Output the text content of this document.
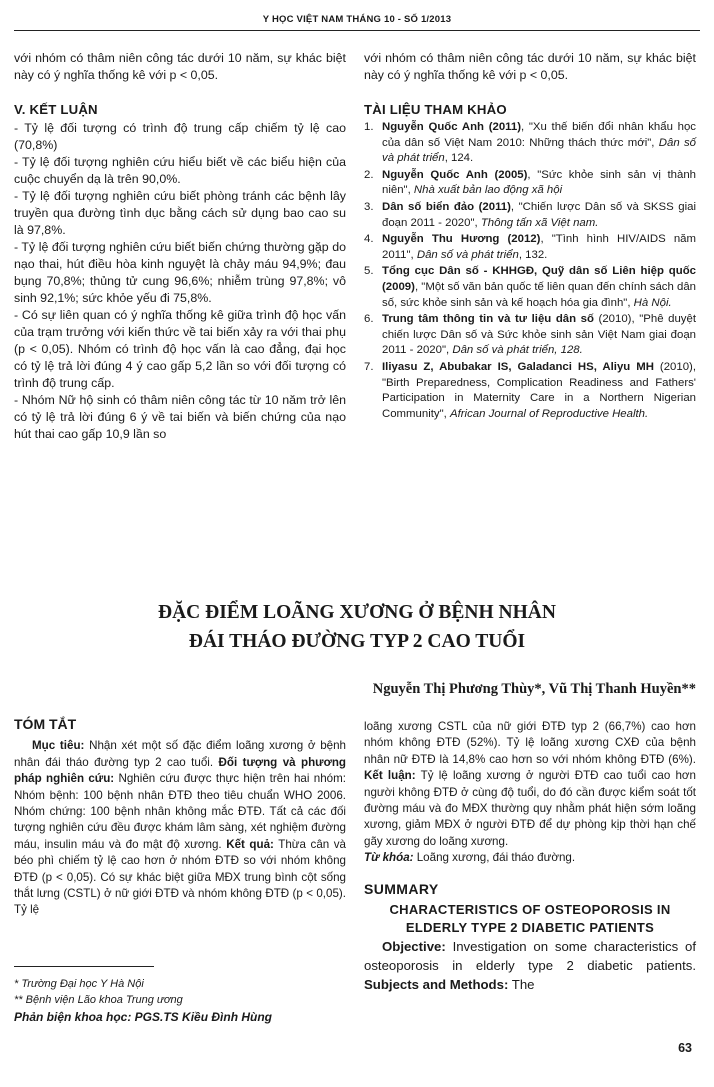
Y HỌC VIỆT NAM THÁNG 10 - SỐ 1/2013

với nhóm có thâm niên công tác dưới 10 năm, sự khác biệt này có ý nghĩa thống kê với p < 0,05.

V. KẾT LUẬN

- Tỷ lệ đối tượng có trình độ trung cấp chiếm tỷ lệ cao (70,8%)

- Tỷ lệ đối tượng nghiên cứu hiểu biết về các biểu hiện của cuộc chuyển dạ là trên 90,0%.

- Tỷ lệ đối tượng nghiên cứu biết phòng tránh các bệnh lây truyền qua đường tình dục bằng cách sử dụng bao cao su là 97,8%.

- Tỷ lệ đối tượng nghiên cứu biết biến chứng thường gặp do nạo thai, hút điều hòa kinh nguyệt là chảy máu 94,9%; đau bụng 70,8%; thủng tử cung 96,6%; nhiễm trùng 97,8%; vô sinh 92,1%; sức khỏe yếu đi 75,8%.

- Có sự liên quan có ý nghĩa thống kê giữa trình độ học vấn của trạm trưởng với kiến thức về tai biến xảy ra với thai phụ (p < 0,05). Nhóm có trình độ học vấn là cao đẳng, đại học có tỷ lệ trả lời đúng 4 ý cao gấp 5,2 lần so với đối tượng có trình độ trung cấp.

- Nhóm Nữ hộ sinh có thâm niên công tác từ 10 năm trở lên có tỷ lệ trả lời đúng 6 ý về tai biến và biến chứng của nạo hút thai cao gấp 10,9 lần so

với nhóm có thâm niên công tác dưới 10 năm, sự khác biệt này có ý nghĩa thống kê với p < 0,05.

TÀI LIỆU THAM KHẢO

1. Nguyễn Quốc Anh (2011), "Xu thế biến đổi nhân khẩu học của dân số Việt Nam 2010: Những thách thức mới", Dân số và phát triển, 124.

2. Nguyễn Quốc Anh (2005), "Sức khỏe sinh sản vị thành niên", Nhà xuất bản lao động xã hội

3. Dân số biển đảo (2011), "Chiến lược Dân số và SKSS giai đoạn 2011 - 2020", Thông tấn xã Việt nam.

4. Nguyễn Thu Hương (2012), "Tình hình HIV/AIDS năm 2011", Dân số và phát triển, 132.

5. Tổng cục Dân số - KHHGĐ, Quỹ dân số Liên hiệp quốc (2009), "Một số văn bản quốc tế liên quan đến chính sách dân số, sức khỏe sinh sản và kế hoạch hóa gia đình", Hà Nội.

6. Trung tâm thông tin và tư liệu dân số (2010), "Phê duyệt chiến lược Dân số và Sức khỏe sinh sản Việt Nam giai đoạn 2011 - 2020", Dân số và phát triển, 128.

7. Iliyasu Z, Abubakar IS, Galadanci HS, Aliyu MH (2010), "Birth Preparedness, Complication Readiness and Fathers' Participation in Maternity Care in a Northern Nigerian Community", African Journal of Reproductive Health.

ĐẶC ĐIỂM LOÃNG XƯƠNG Ở BỆNH NHÂN
ĐÁI THÁO ĐƯỜNG TYP 2 CAO TUỔI
Nguyễn Thị Phương Thùy*, Vũ Thị Thanh Huyền**

TÓM TẮT

Mục tiêu: Nhận xét một số đặc điểm loãng xương ở bệnh nhân đái tháo đường typ 2 cao tuổi. Đối tượng và phương pháp nghiên cứu: Nghiên cứu được thực hiện trên hai nhóm: Nhóm bệnh: 100 bệnh nhân ĐTĐ theo tiêu chuẩn WHO 2006. Nhóm chứng: 100 bệnh nhân không mắc ĐTĐ. Tất cả các đối tượng nghiên cứu đều được khám lâm sàng, xét nghiệm đường máu, insulin máu và đo mật độ xương. Kết quả: Thừa cân và béo phì chiếm tỷ lệ cao hơn ở nhóm ĐTĐ so với nhóm không ĐTĐ (p < 0,05). Có sự khác biệt giữa MĐX trung bình cột sống thắt lưng (CSTL) ở nữ giới ĐTĐ và nhóm không ĐTĐ (p < 0,05). Tỷ lệ

loãng xương CSTL của nữ giới ĐTĐ typ 2 (66,7%) cao hơn nhóm không ĐTĐ (52%). Tỷ lệ loãng xương CXĐ của bệnh nhân nữ ĐTĐ là 14,8% cao hơn so với nhóm không ĐTĐ (6%). Kết luận: Tỷ lệ loãng xương ở người ĐTĐ cao tuổi cao hơn người không ĐTĐ ở cùng độ tuổi, do đó cần được kiểm soát tốt đường máu và đo MĐX thường quy nhằm phát hiện sớm loãng xương, giảm MĐX ở người ĐTĐ để dự phòng kịp thời hạn chế gãy xương do loãng xương.

Từ khóa: Loãng xương, đái tháo đường.

SUMMARY

CHARACTERISTICS OF OSTEOPOROSIS IN

ELDERLY TYPE 2 DIABETIC PATIENTS

Objective: Investigation on some characteristics of osteoporosis in elderly type 2 diabetic patients. Subjects and Methods: The

* Trường Đại học Y Hà Nội
** Bệnh viện Lão khoa Trung ương
Phản biện khoa học: PGS.TS Kiều Đình Hùng
63
